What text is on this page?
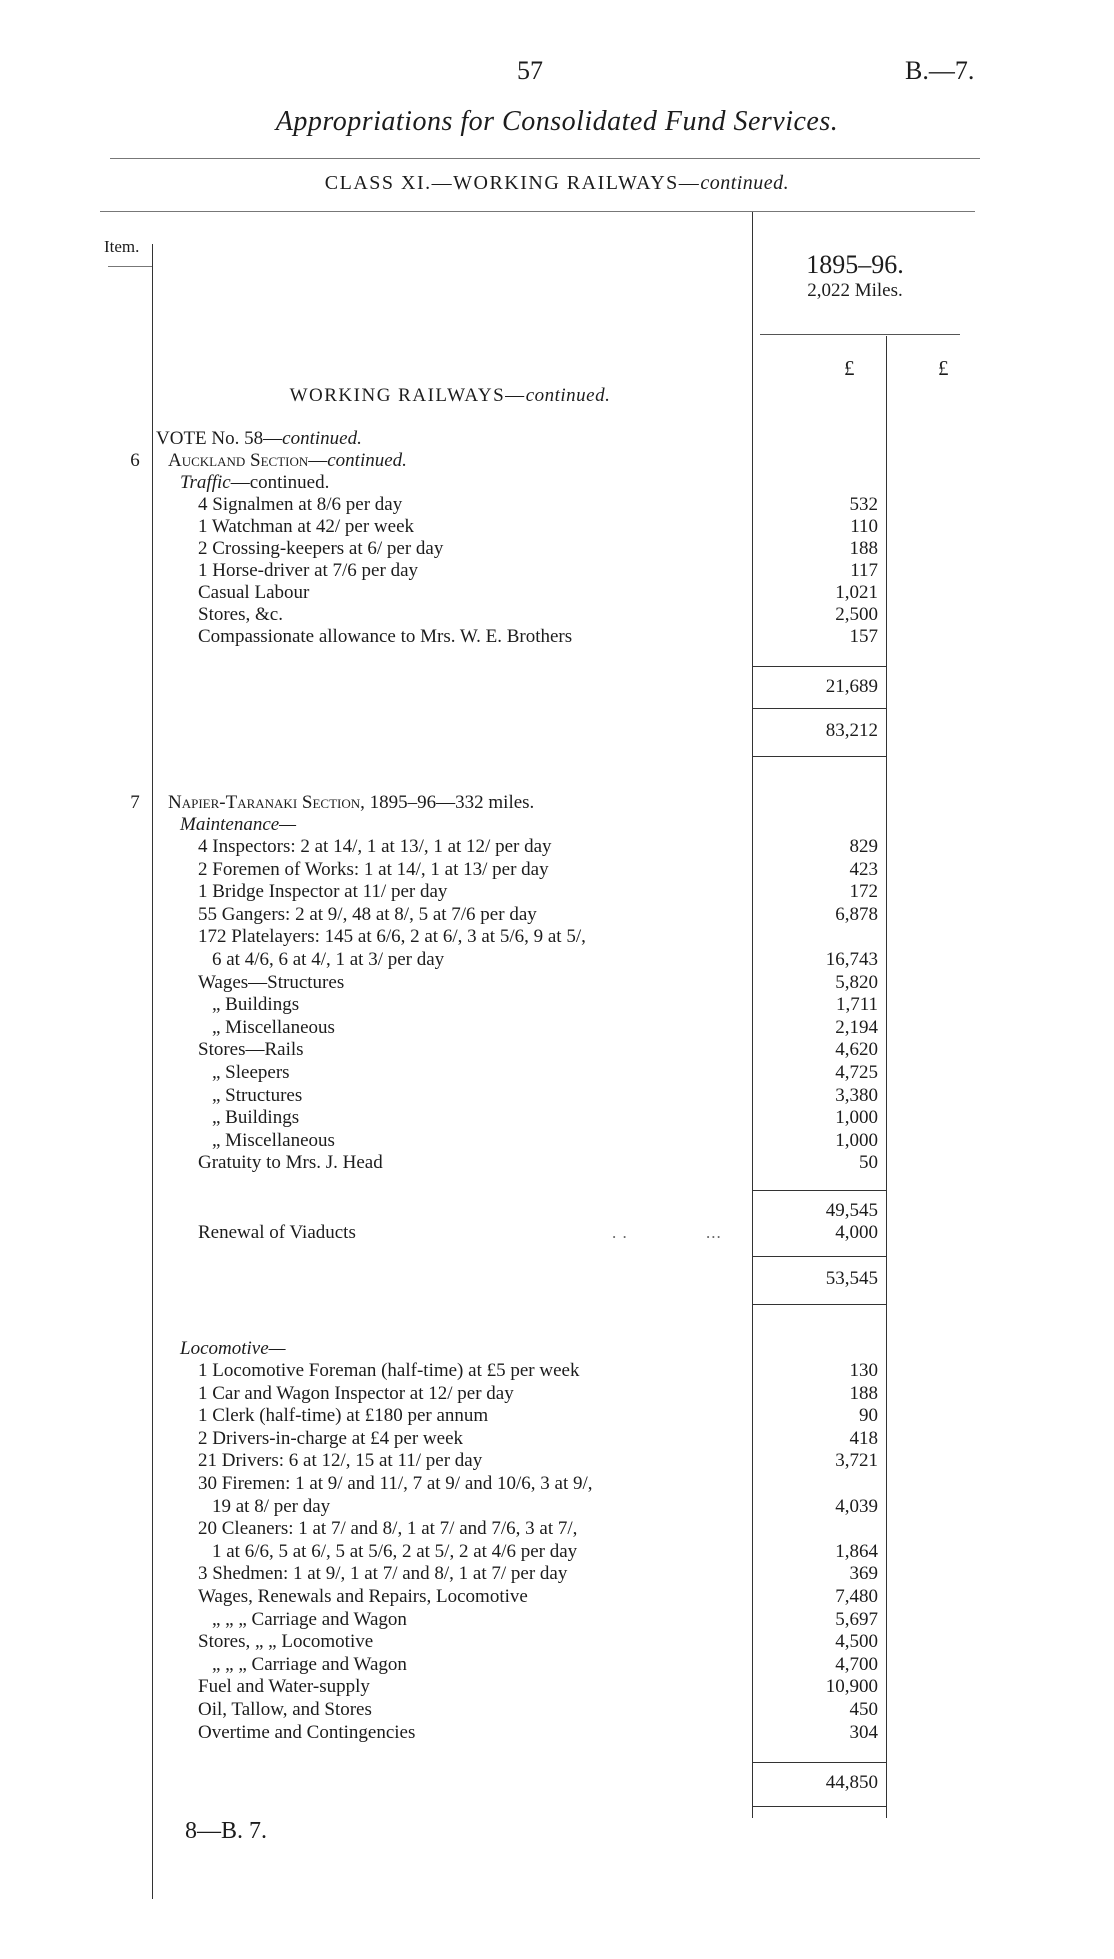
57	B.—7.
Appropriations for Consolidated Fund Services.
CLASS XI.—WORKING RAILWAYS—continued.
Item.
1895–96.
2,022 Miles.
£	£
WORKING RAILWAYS—continued.
VOTE No. 58—continued.
6	Auckland Section—continued.
Traffic—continued.
4 Signalmen at 8/6 per day	532
1 Watchman at 42/ per week	110
2 Crossing-keepers at 6/ per day	188
1 Horse-driver at 7/6 per day	117
Casual Labour	1,021
Stores, &c.	2,500
Compassionate allowance to Mrs. W. E. Brothers	157
21,689
83,212
7	Napier-Taranaki Section, 1895–96—332 miles.
Maintenance—
4 Inspectors: 2 at 14/, 1 at 13/, 1 at 12/ per day	829
2 Foremen of Works: 1 at 14/, 1 at 13/ per day	423
1 Bridge Inspector at 11/ per day	172
55 Gangers: 2 at 9/, 48 at 8/, 5 at 7/6 per day	6,878
172 Platelayers: 145 at 6/6, 2 at 6/, 3 at 5/6, 9 at 5/,
6 at 4/6, 6 at 4/, 1 at 3/ per day	16,743
Wages—Structures	5,820
„ Buildings	1,711
„ Miscellaneous	2,194
Stores—Rails	4,620
„ Sleepers	4,725
„ Structures	3,380
„ Buildings	1,000
„ Miscellaneous	1,000
Gratuity to Mrs. J. Head	50
49,545
Renewal of Viaducts	. .	...	4,000
53,545
Locomotive—
1 Locomotive Foreman (half-time) at £5 per week	130
1 Car and Wagon Inspector at 12/ per day	188
1 Clerk (half-time) at £180 per annum	90
2 Drivers-in-charge at £4 per week	418
21 Drivers: 6 at 12/, 15 at 11/ per day	3,721
30 Firemen: 1 at 9/ and 11/, 7 at 9/ and 10/6, 3 at 9/,
19 at 8/ per day	4,039
20 Cleaners: 1 at 7/ and 8/, 1 at 7/ and 7/6, 3 at 7/,
1 at 6/6, 5 at 6/, 5 at 5/6, 2 at 5/, 2 at 4/6 per day	1,864
3 Shedmen: 1 at 9/, 1 at 7/ and 8/, 1 at 7/ per day	369
Wages, Renewals and Repairs, Locomotive	7,480
„ „ „ Carriage and Wagon	5,697
Stores, „ „ Locomotive	4,500
„ „ „ Carriage and Wagon	4,700
Fuel and Water-supply	10,900
Oil, Tallow, and Stores	450
Overtime and Contingencies	304
44,850
8—B. 7.
